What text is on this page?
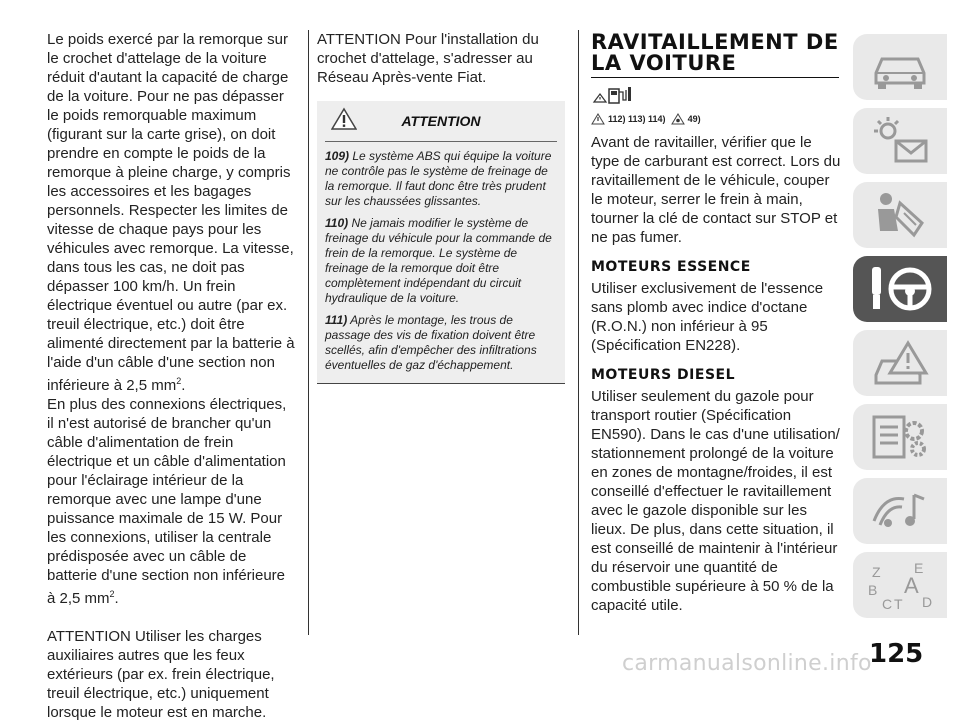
Le poids exercé par la remorque sur le crochet d'attelage de la voiture réduit d'autant la capacité de charge de la voiture. Pour ne pas dépasser le poids remorquable maximum (figurant sur la carte grise), on doit prendre en compte le poids de la remorque à pleine charge, y compris les accessoires et les bagages personnels. Respecter les limites de vitesse de chaque pays pour les véhicules avec remorque. La vitesse, dans tous les cas, ne doit pas dépasser 100 km/h. Un frein électrique éventuel ou autre (par ex. treuil électrique, etc.) doit être alimenté directement par la batterie à l'aide d'un câble d'une section non inférieure à 2,5 $mm^2$.

En plus des connexions électriques, il n'est autorisé de brancher qu'un câble d'alimentation de frein électrique et un câble d'alimentation pour l'éclairage intérieur de la remorque avec une lampe d'une puissance maximale de 15 W. Pour les connexions, utiliser la centrale prédisposée avec un câble de batterie d'une section non inférieure à 2,5 $mm^2$.

ATTENTION Utiliser les charges auxiliaires autres que les feux extérieurs (par ex. frein électrique, treuil électrique, etc.) uniquement lorsque le moteur est en marche.

ATTENTION Pour l'installation du crochet d'attelage, s'adresser au Réseau Après-vente Fiat.

ATTENTION
109) Le système ABS qui équipe la voiture ne contrôle pas le système de freinage de la remorque. Il faut donc être très prudent sur les chaussées glissantes.
110) Ne jamais modifier le système de freinage du véhicule pour la commande de frein de la remorque. Le système de freinage de la remorque doit être complètement indépendant du circuit hydraulique de la voiture.
111) Après le montage, les trous de passage des vis de fixation doivent être scellés, afin d'empêcher des infiltrations éventuelles de gaz d'échappement.
RAVITAILLEMENT DE
LA VOITURE
112) 113) 114) 49)

Avant de ravitailler, vérifier que le type de carburant est correct. Lors du ravitaillement de le véhicule, couper le moteur, serrer le frein à main, tourner la clé de contact sur STOP et ne pas fumer.

MOTEURS ESSENCE

Utiliser exclusivement de l'essence sans plomb avec indice d'octane (R.O.N.) non inférieur à 95 (Spécification EN228).

MOTEURS DIESEL

Utiliser seulement du gazole pour transport routier (Spécification EN590). Dans le cas d'une utilisation/ stationnement prolongé de la voiture en zones de montagne/froides, il est conseillé d'effectuer le ravitaillement avec le gazole disponible sur les lieux. De plus, dans cette situation, il est conseillé de maintenir à l'intérieur du réservoir une quantité de combustible supérieure à 50 % de la capacité utile.

Z E
B A
C T D
carmanualsonline.info
125
